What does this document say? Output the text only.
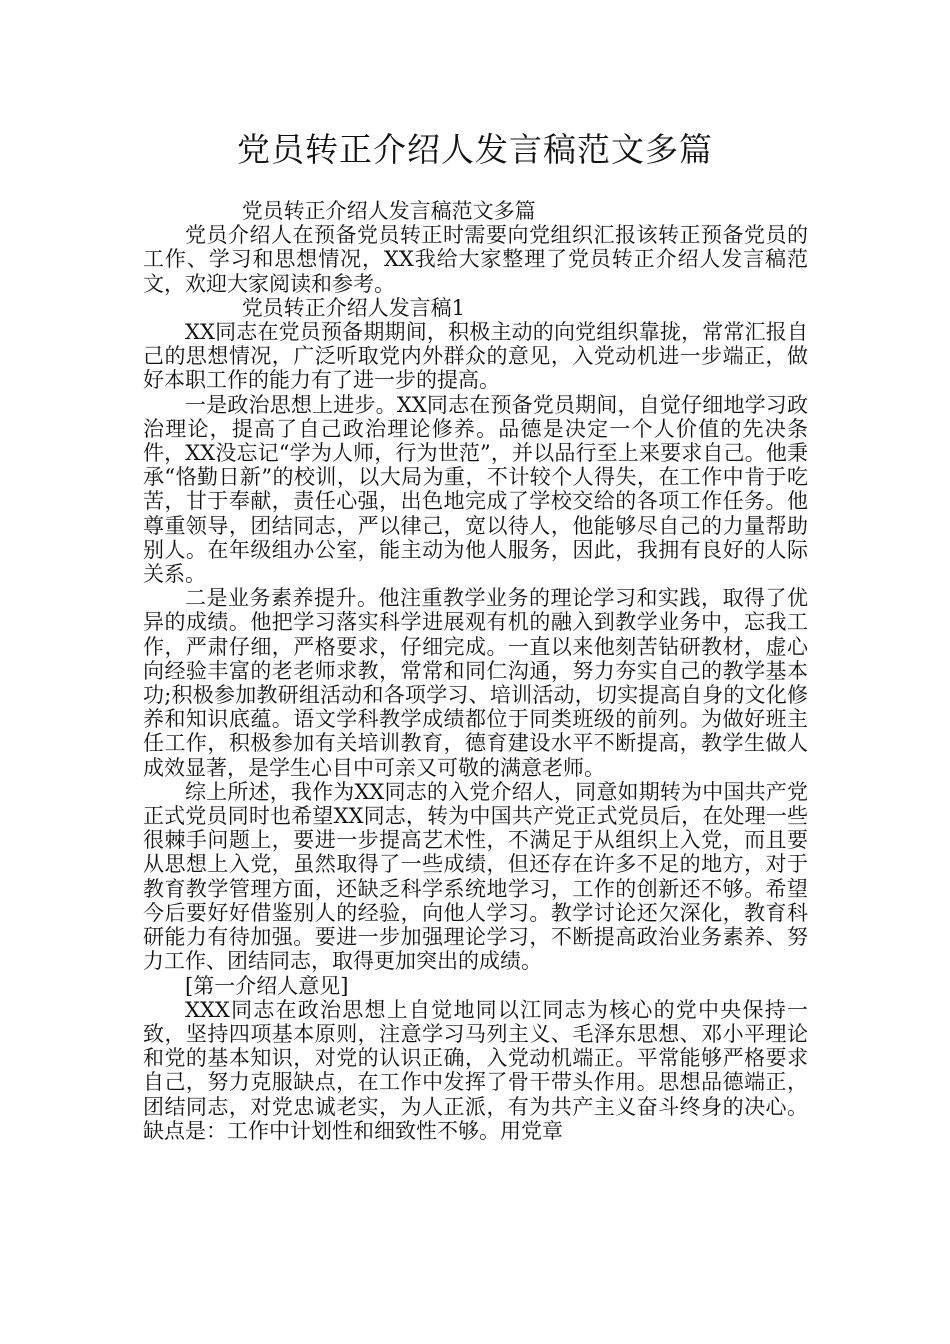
党员转正介绍人发言稿范文多篇

党员转正介绍人发言稿范文多篇

党员介绍人在预备党员转正时需要向党组织汇报该转正预备党员的工作、学习和思想情况，XX我给大家整理了党员转正介绍人发言稿范文，欢迎大家阅读和参考。

党员转正介绍人发言稿1

XX同志在党员预备期期间，积极主动的向党组织靠拢，常常汇报自己的思想情况，广泛听取党内外群众的意见，入党动机进一步端正，做好本职工作的能力有了进一步的提高。

一是政治思想上进步。XX同志在预备党员期间，自觉仔细地学习政治理论，提高了自己政治理论修养。品德是决定一个人价值的先决条件，XX没忘记“学为人师，行为世范”，并以品行至上来要求自己。他秉承“恪勤日新”的校训，以大局为重，不计较个人得失，在工作中肯于吃苦，甘于奉献，责任心强，出色地完成了学校交给的各项工作任务。他尊重领导，团结同志，严以律己，宽以待人，他能够尽自己的力量帮助别人。在年级组办公室，能主动为他人服务，因此，我拥有良好的人际关系。

二是业务素养提升。他注重教学业务的理论学习和实践，取得了优异的成绩。他把学习落实科学进展观有机的融入到教学业务中，忘我工作，严肃仔细，严格要求，仔细完成。一直以来他刻苦钻研教材，虚心向经验丰富的老老师求教，常常和同仁沟通，努力夯实自己的教学基本功;积极参加教研组活动和各项学习、培训活动，切实提高自身的文化修养和知识底蕴。语文学科教学成绩都位于同类班级的前列。为做好班主任工作，积极参加有关培训教育，德育建设水平不断提高，教学生做人成效显著，是学生心目中可亲又可敬的满意老师。

综上所述，我作为XX同志的入党介绍人，同意如期转为中国共产党正式党员同时也希望XX同志，转为中国共产党正式党员后，在处理一些很棘手问题上，要进一步提高艺术性，不满足于从组织上入党，而且要从思想上入党，虽然取得了一些成绩，但还存在许多不足的地方，对于教育教学管理方面，还缺乏科学系统地学习，工作的创新还不够。希望今后要好好借鉴别人的经验，向他人学习。教学讨论还欠深化，教育科研能力有待加强。要进一步加强理论学习，不断提高政治业务素养、努力工作、团结同志，取得更加突出的成绩。

[第一介绍人意见]

XXX同志在政治思想上自觉地同以江同志为核心的党中央保持一致，坚持四项基本原则，注意学习马列主义、毛泽东思想、邓小平理论和党的基本知识，对党的认识正确，入党动机端正。平常能够严格要求自己，努力克服缺点，在工作中发挥了骨干带头作用。思想品德端正，团结同志，对党忠诚老实，为人正派，有为共产主义奋斗终身的决心。缺点是：工作中计划性和细致性不够。用党章
